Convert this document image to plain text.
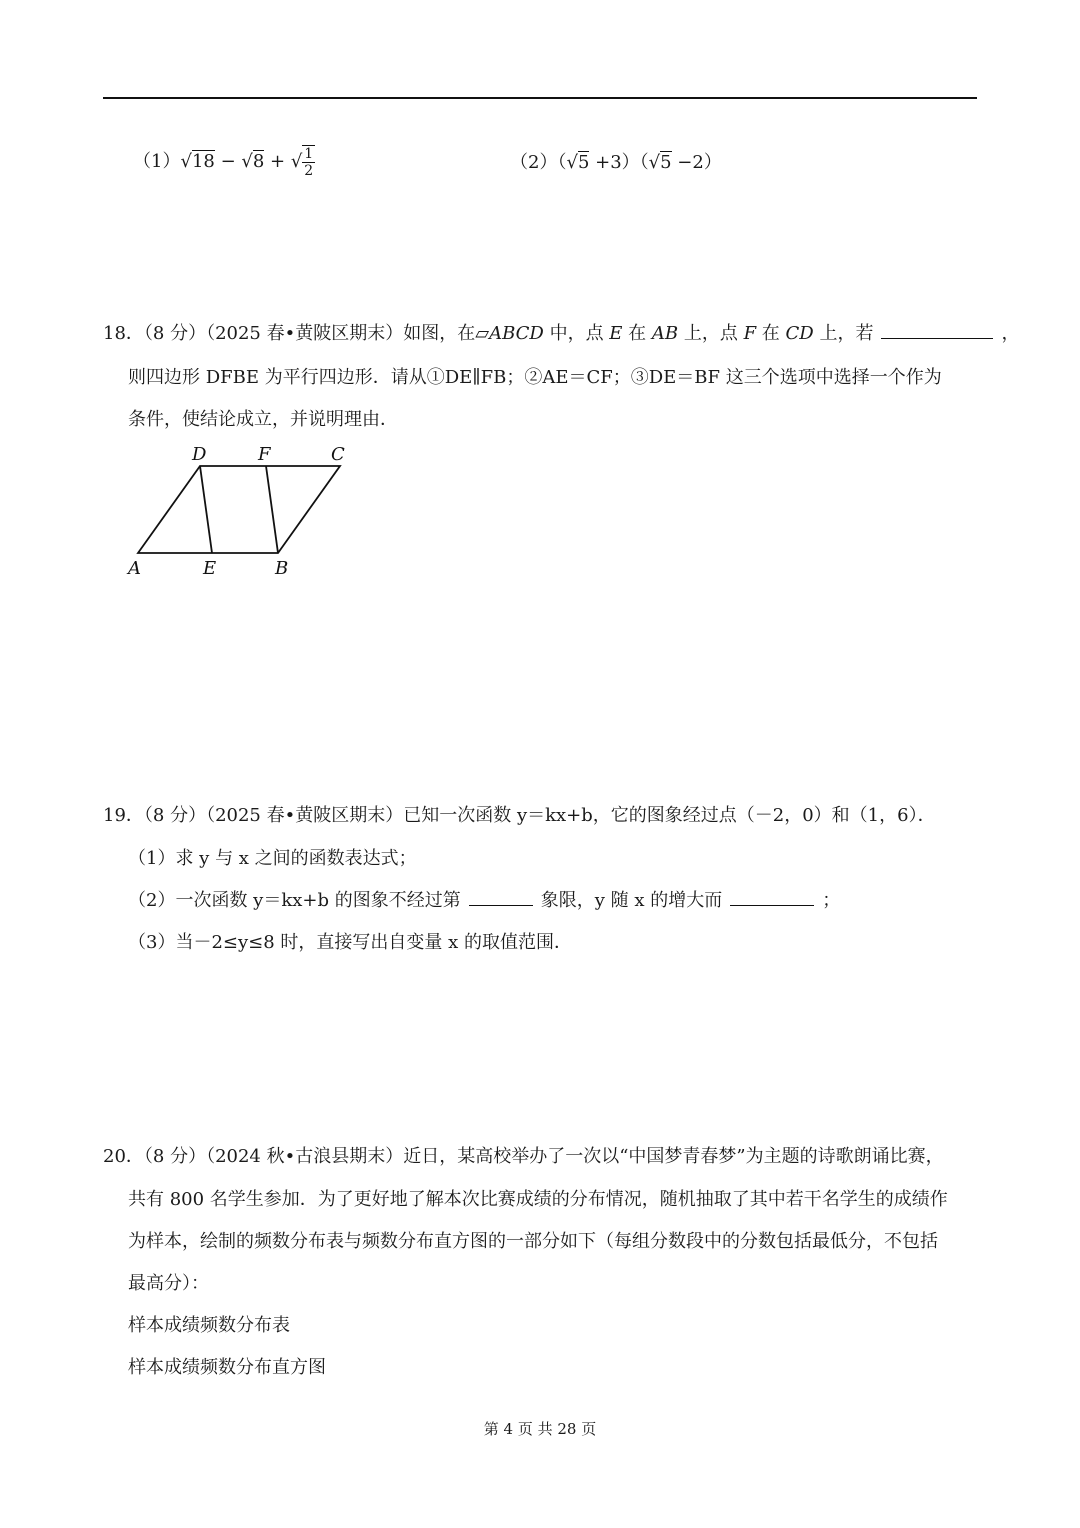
（1）√18 − √8 + √ $\frac{1}{2}$	（2）（√5 +3）（√5 −2）
18．（8 分）（2025 春•黄陂区期末）如图，在▱ABCD 中，点 E 在 AB 上，点 F 在 CD 上，若	，
则四边形 DFBE 为平行四边形．请从①DE∥FB；②AE＝CF；③DE＝BF 这三个选项中选择一个作为
条件，使结论成立，并说明理由．
D	F	C
A	E	B
19．（8 分）（2025 春•黄陂区期末）已知一次函数 y＝kx+b，它的图象经过点（－2，0）和（1，6）．
（1）求 y 与 x 之间的函数表达式；
（2）一次函数 y＝kx+b 的图象不经过第	象限，y 随 x 的增大而	；
（3）当－2≤y≤8 时，直接写出自变量 x 的取值范围．
20．（8 分）（2024 秋•古浪县期末）近日，某高校举办了一次以“中国梦青春梦”为主题的诗歌朗诵比赛，
共有 800 名学生参加．为了更好地了解本次比赛成绩的分布情况，随机抽取了其中若干名学生的成绩作
为样本，绘制的频数分布表与频数分布直方图的一部分如下（每组分数段中的分数包括最低分，不包括
最高分）：
样本成绩频数分布表
样本成绩频数分布直方图
第 4 页 共 28 页
